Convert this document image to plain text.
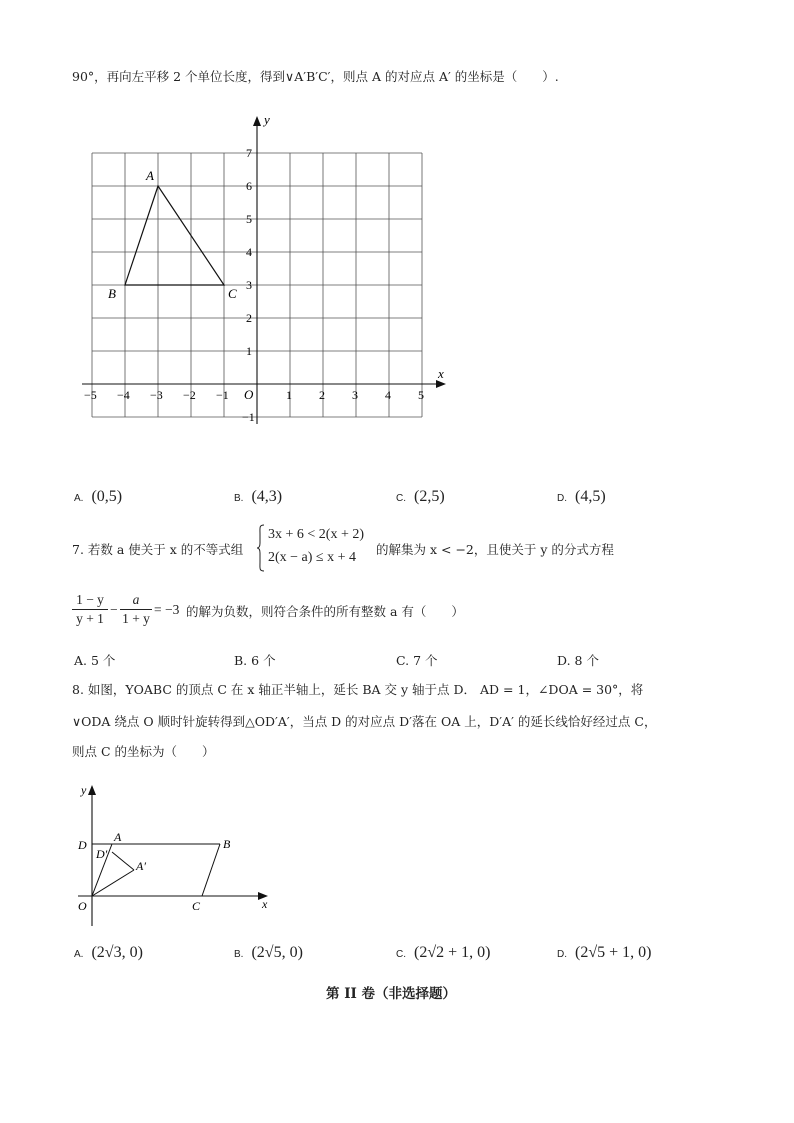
90°，再向左平移 2 个单位长度，得到∨A′B′C′，则点 A 的对应点 A′ 的坐标是（　　）.
y
x
O
−5 −4 −3 −2 −1	1 2 3 4 5
7
6
5
4
3
2
1
−1
A
B	C
A. (0,5)	B. (4,3)	C. (2,5)	D. (4,5)
7. 若数 a 使关于 x 的不等式组
3x + 6 < 2(x + 2)
2(x − a) ≤ x + 4
的解集为 x < −2，且使关于 y 的分式方程
1 − y
y + 1
−
a
1 + y
= −3 的解为负数，则符合条件的所有整数 a 有（　　）
A. 5 个	B. 6 个	C. 7 个	D. 8 个
8. 如图，ΥOABC 的顶点 C 在 x 轴正半轴上，延长 BA 交 y 轴于点 D． AD = 1，∠DOA = 30°，将
∨ODA 绕点 O 顺时针旋转得到△OD′A′，当点 D 的对应点 D′落在 OA 上，D′A′ 的延长线恰好经过点 C，
则点 C 的坐标为（　　）
y
x
O
D
A
D′
A′
B
C
A. (2√3, 0)	B. (2√5, 0)	C. (2√2 + 1, 0)	D. (2√5 + 1, 0)
第 II 卷（非选择题）
